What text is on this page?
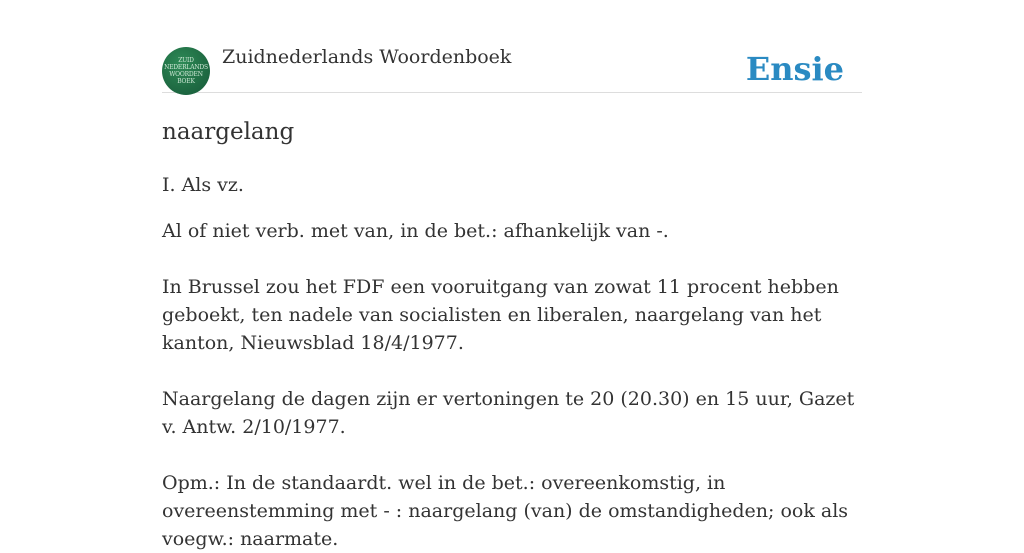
ZUID
NEDERLANDS
WOORDEN
BOEK
Zuidnederlands Woordenboek	Ensie
naargelang

I. Als vz.

Al of niet verb. met van, in de bet.: afhankelijk van -.

In Brussel zou het FDF een vooruitgang van zowat 11 procent hebben geboekt, ten nadele van socialisten en liberalen, naargelang van het kanton, Nieuwsblad 18/4/1977.

Naargelang de dagen zijn er vertoningen te 20 (20.30) en 15 uur, Gazet v. Antw. 2/10/1977.

Opm.: In de standaardt. wel in de bet.: overeenkomstig, in overeenstemming met - : naargelang (van) de omstandigheden; ook als voegw.: naarmate.
